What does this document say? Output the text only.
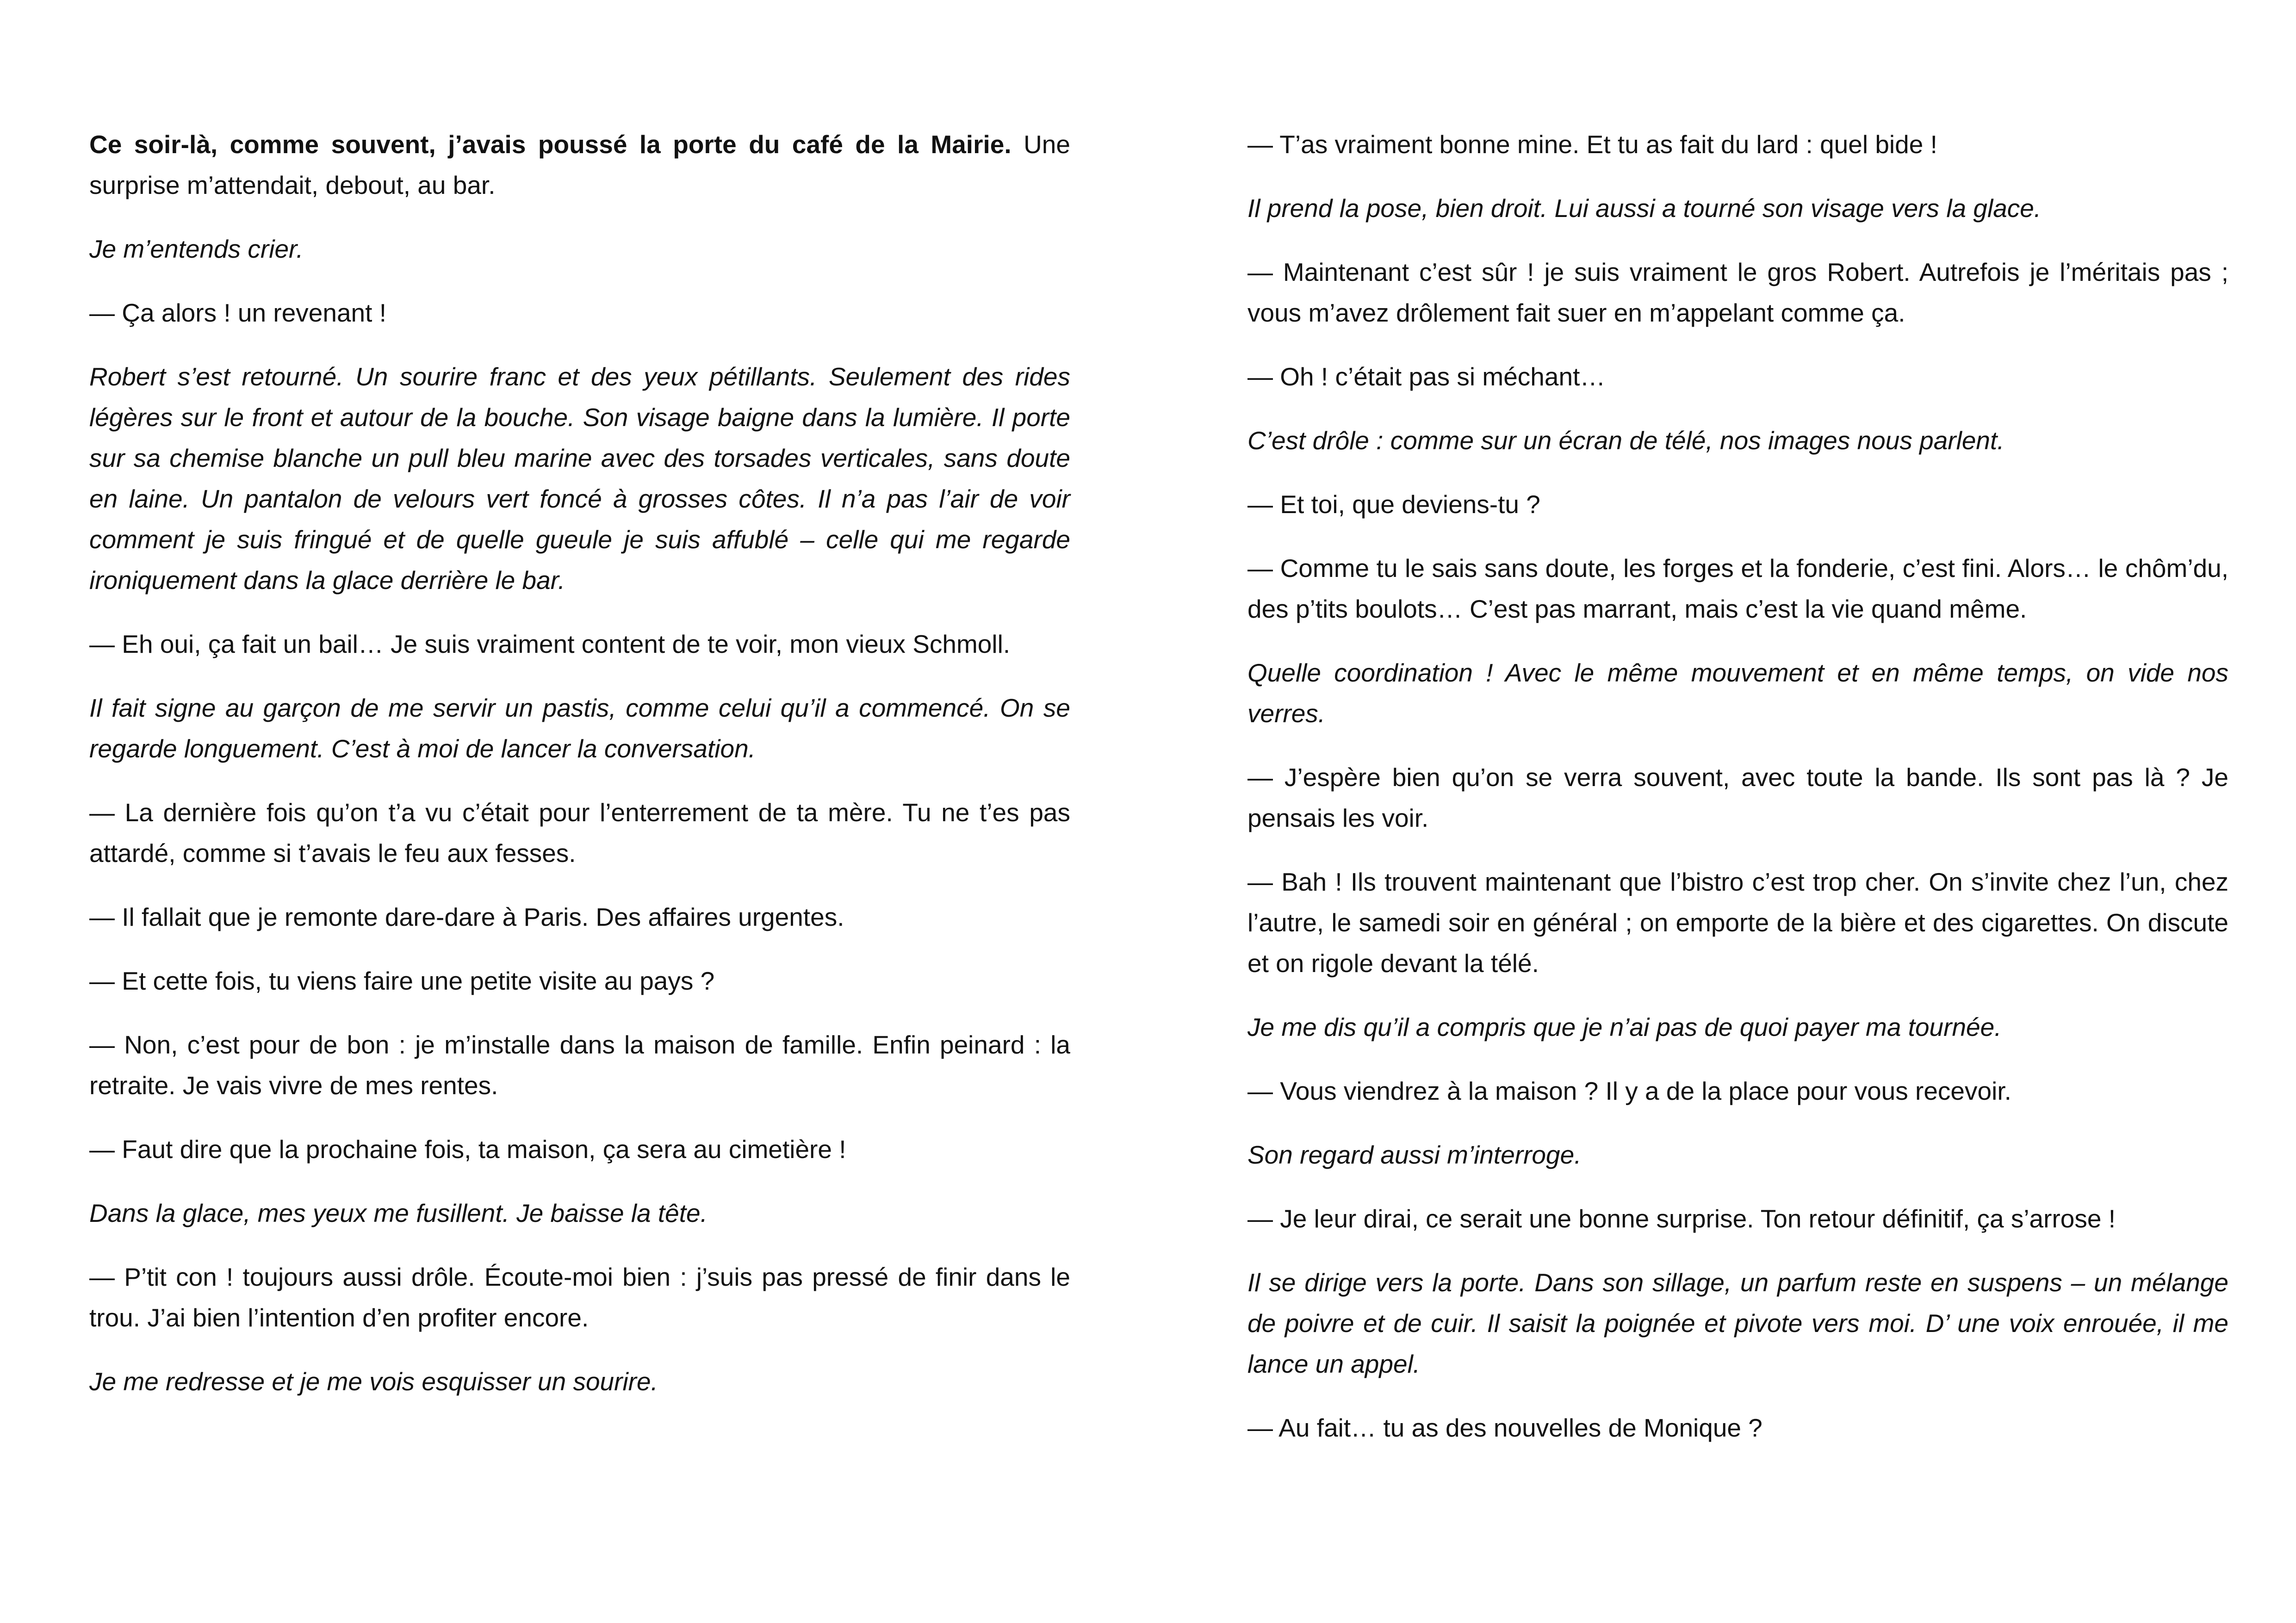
Ce soir-là, comme souvent, j’avais poussé la porte du café de la Mairie. Une surprise m’attendait, debout, au bar.

Je m’entends crier.

— Ça alors ! un revenant !

Robert s’est retourné. Un sourire franc et des yeux pétillants. Seulement des rides légères sur le front et autour de la bouche. Son visage baigne dans la lumière. Il porte sur sa chemise blanche un pull bleu marine avec des torsades verticales, sans doute en laine. Un pantalon de velours vert foncé à grosses côtes. Il n’a pas l’air de voir comment je suis fringué et de quelle gueule je suis affublé – celle qui me regarde ironiquement dans la glace derrière le bar.

— Eh oui, ça fait un bail… Je suis vraiment content de te voir, mon vieux Schmoll.

Il fait signe au garçon de me servir un pastis, comme celui qu’il a commencé. On se regarde longuement. C’est à moi de lancer la conversation.

— La dernière fois qu’on t’a vu c’était pour l’enterrement de ta mère. Tu ne t’es pas attardé, comme si t’avais le feu aux fesses.

— Il fallait que je remonte dare-dare à Paris. Des affaires urgentes.

— Et cette fois, tu viens faire une petite visite au pays ?

— Non, c’est pour de bon : je m’installe dans la maison de famille. Enfin peinard : la retraite. Je vais vivre de mes rentes.

— Faut dire que la prochaine fois, ta maison, ça sera au cimetière !

Dans la glace, mes yeux me fusillent. Je baisse la tête.

— P’tit con ! toujours aussi drôle. Écoute-moi bien : j’suis pas pressé de finir dans le trou. J’ai bien l’intention d’en profiter encore.

Je me redresse et je me vois esquisser un sourire.

— T’as vraiment bonne mine. Et tu as fait du lard : quel bide !

Il prend la pose, bien droit. Lui aussi a tourné son visage vers la glace.

— Maintenant c’est sûr ! je suis vraiment le gros Robert. Autrefois je l’méritais pas ; vous m’avez drôlement fait suer en m’appelant comme ça.

— Oh ! c’était pas si méchant…

C’est drôle : comme sur un écran de télé, nos images nous parlent.

— Et toi, que deviens-tu ?

— Comme tu le sais sans doute, les forges et la fonderie, c’est fini. Alors… le chôm’du, des p’tits boulots… C’est pas marrant, mais c’est la vie quand même.

Quelle coordination ! Avec le même mouvement et en même temps, on vide nos verres.

— J’espère bien qu’on se verra souvent, avec toute la bande. Ils sont pas là ? Je pensais les voir.

— Bah ! Ils trouvent maintenant que l’bistro c’est trop cher. On s’invite chez l’un, chez l’autre, le samedi soir en général ; on emporte de la bière et des cigarettes. On discute et on rigole devant la télé.

Je me dis qu’il a compris que je n’ai pas de quoi payer ma tournée.

— Vous viendrez à la maison ? Il y a de la place pour vous recevoir.

Son regard aussi m’interroge.

— Je leur dirai, ce serait une bonne surprise. Ton retour définitif, ça s’arrose !

Il se dirige vers la porte. Dans son sillage, un parfum reste en suspens – un mélange de poivre et de cuir. Il saisit la poignée et pivote vers moi. D’ une voix enrouée, il me lance un appel.

— Au fait… tu as des nouvelles de Monique ?
